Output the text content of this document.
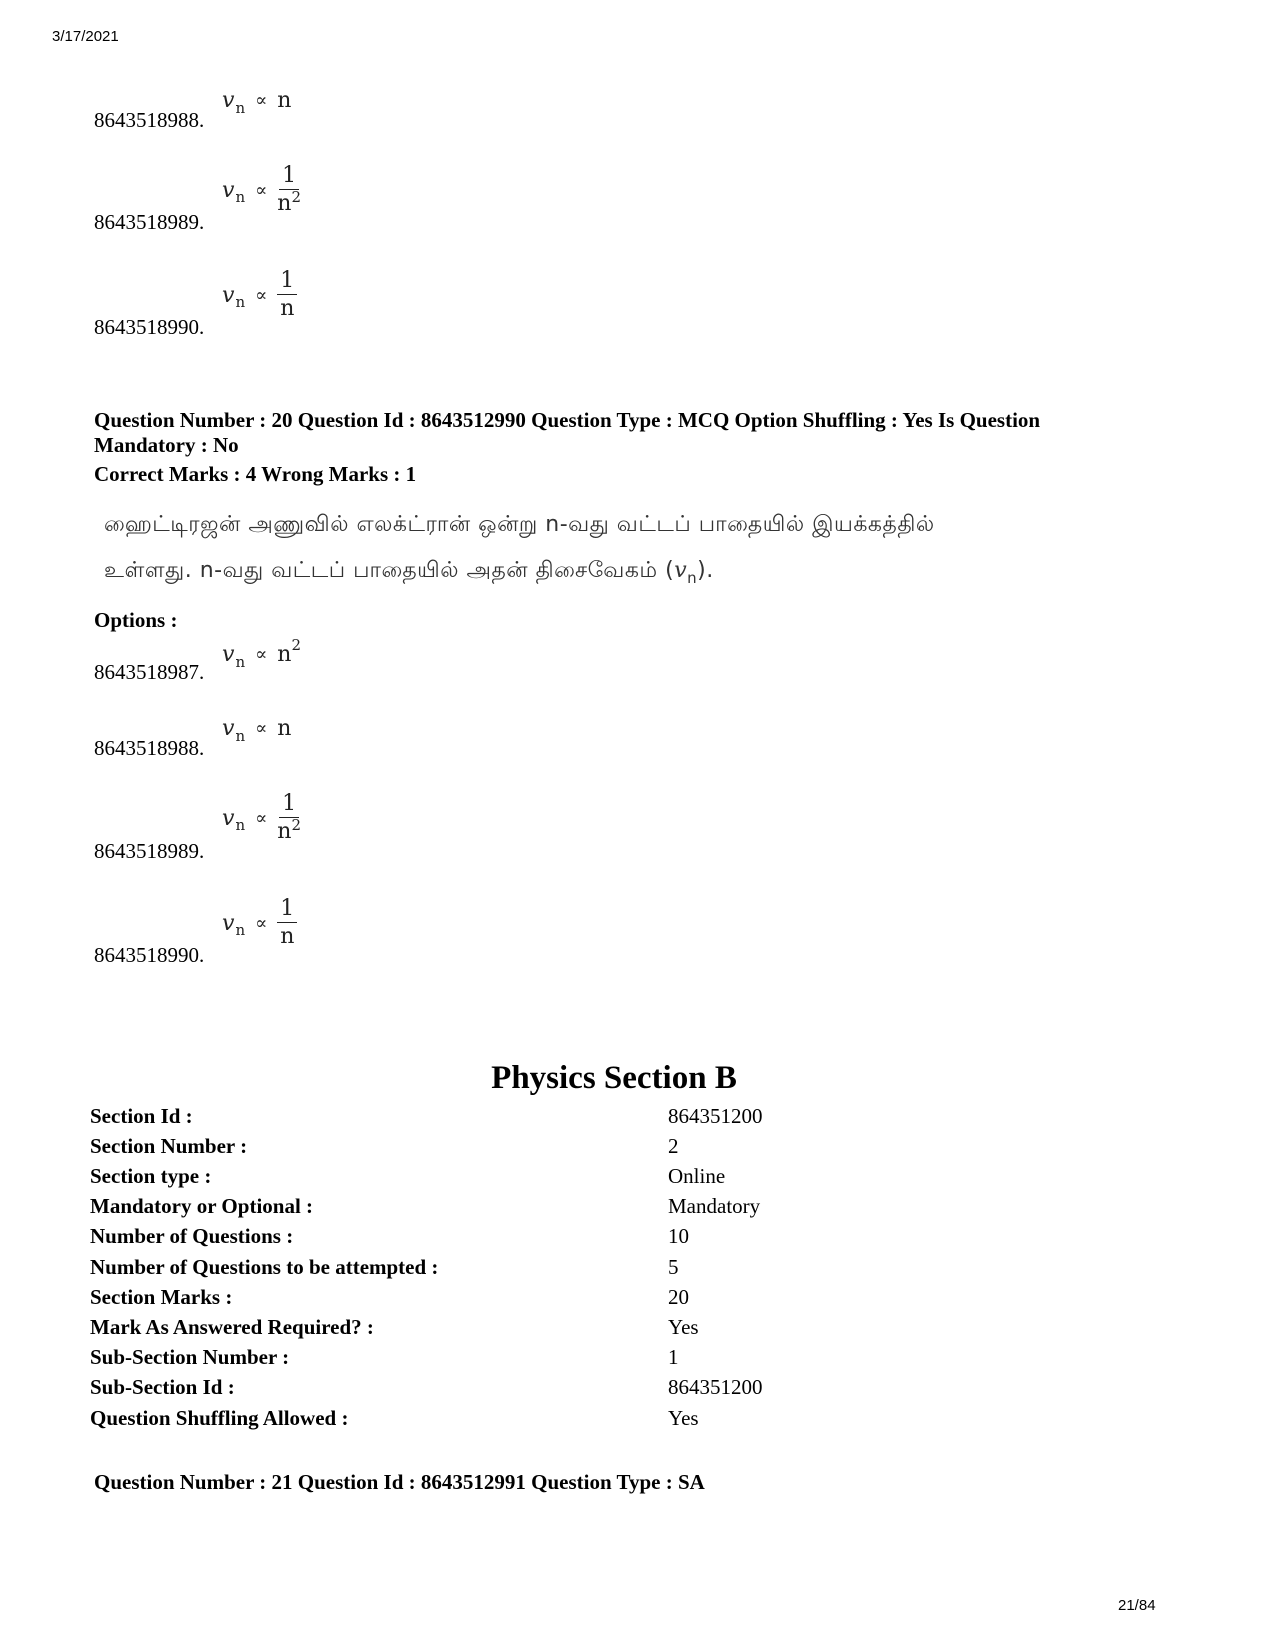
3/17/2021
21/84
8643518988.
v n ∝ n
8643518989.
v $n \propto \frac{1}{n^2}$
8643518990.
v $n \propto \frac{1}{n}$
Question Number : 20 Question Id : 8643512990 Question Type : MCQ Option Shuffling : Yes Is Question
Mandatory : No
Correct Marks : 4 Wrong Marks : 1
ஹைட்டிரஜன் அணுவில் எலக்ட்ரான் ஒன்று n-வது வட்டப் பாதையில் இயக்கத்தில்
உள்ளது. n-வது வட்டப் பாதையில் அதன் திசைவேகம் $(v_n)$.
Options :
8643518987.
v n ∝ n 2
8643518988.
v n ∝ n
8643518989.
v $n \propto \frac{1}{n^2}$
8643518990.
v $n \propto \frac{1}{n}$
Physics Section B
Section Id :	864351200
Section Number :	2
Section type :	Online
Mandatory or Optional :	Mandatory
Number of Questions :	10
Number of Questions to be attempted :	5
Section Marks :	20
Mark As Answered Required? :	Yes
Sub-Section Number :	1
Sub-Section Id :	864351200
Question Shuffling Allowed :	Yes
Question Number : 21 Question Id : 8643512991 Question Type : SA
